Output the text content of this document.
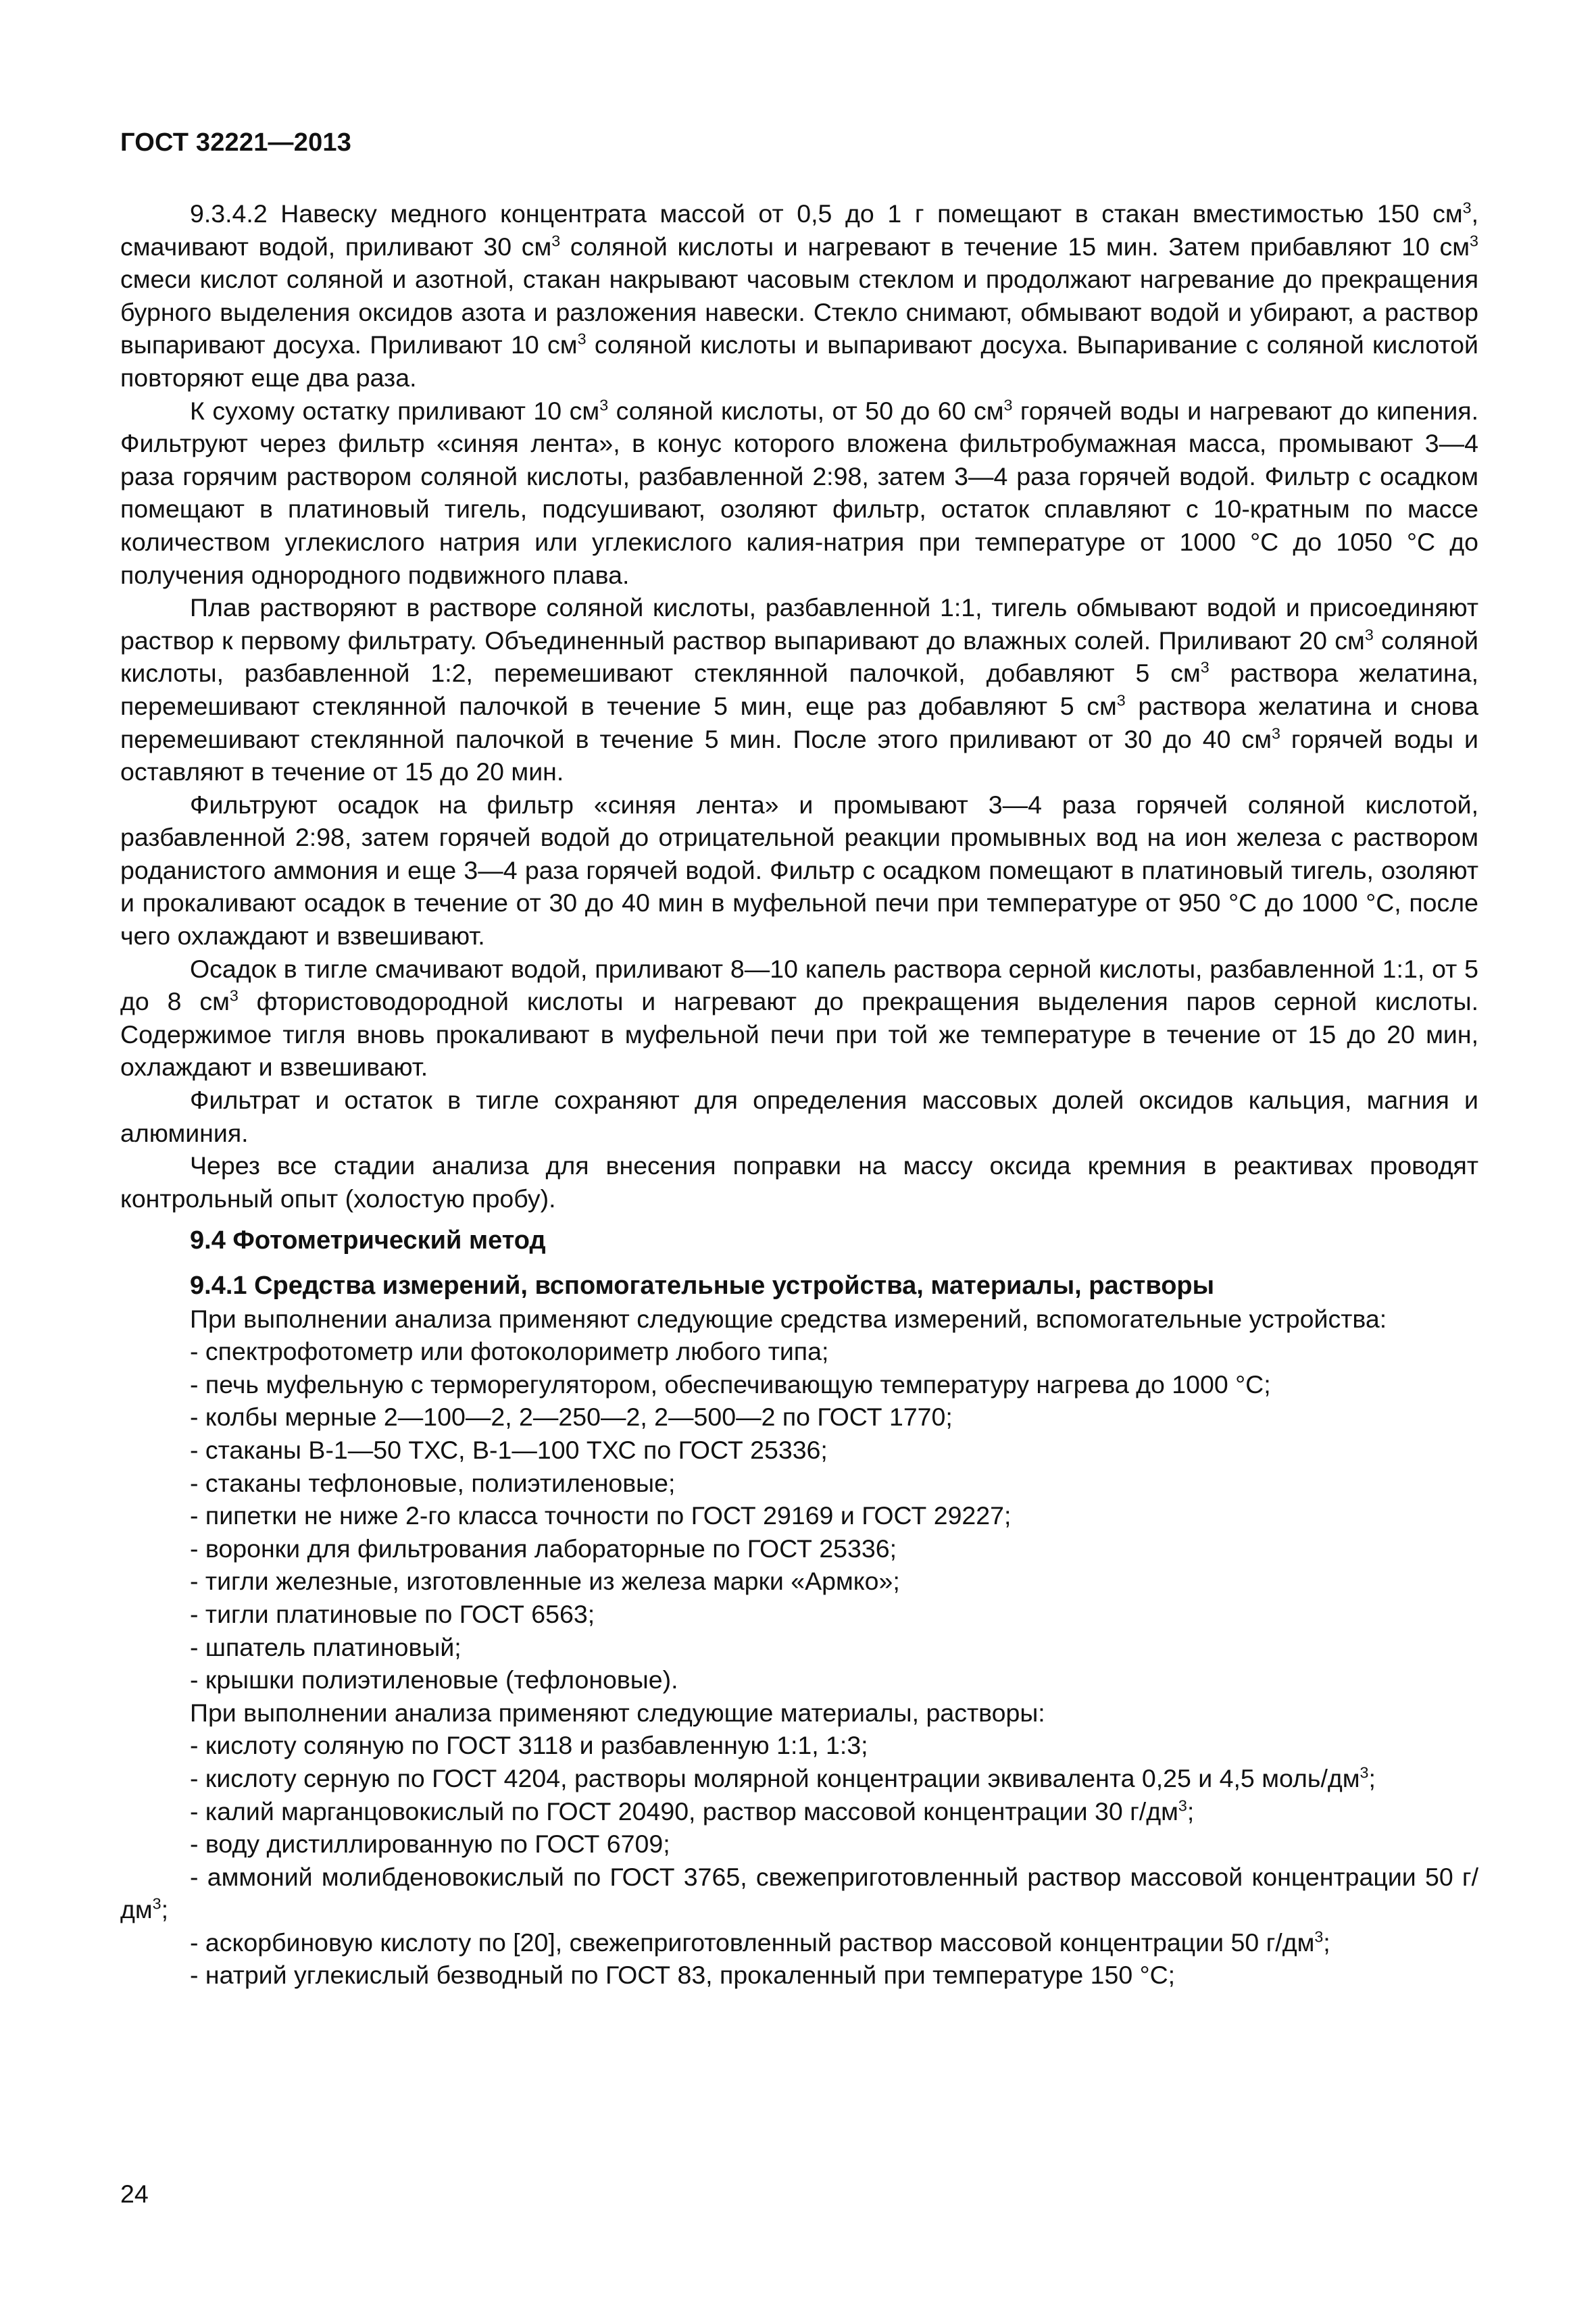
ГОСТ 32221—2013

9.3.4.2 Навеску медного концентрата массой от 0,5 до 1 г помещают в стакан вместимостью 150 $см^3$, смачивают водой, приливают 30 $см^3$ соляной кислоты и нагревают в течение 15 мин. Затем прибавляют 10 $см^3$ смеси кислот соляной и азотной, стакан накрывают часовым стеклом и продолжают нагревание до прекращения бурного выделения оксидов азота и разложения навески. Стекло снимают, обмывают водой и убирают, а раствор выпаривают досуха. Приливают 10 $см^3$ соляной кислоты и выпаривают досуха. Выпаривание с соляной кислотой повторяют еще два раза.

К сухому остатку приливают 10 $см^3$ соляной кислоты, от 50 до 60 $см^3$ горячей воды и нагревают до кипения. Фильтруют через фильтр «синяя лента», в конус которого вложена фильтробумажная масса, промывают 3—4 раза горячим раствором соляной кислоты, разбавленной 2:98, затем 3—4 раза горячей водой. Фильтр с осадком помещают в платиновый тигель, подсушивают, озоляют фильтр, остаток сплавляют с 10-кратным по массе количеством углекислого натрия или углекислого калия-натрия при температуре от 1000 °С до 1050 °С до получения однородного подвижного плава.

Плав растворяют в растворе соляной кислоты, разбавленной 1:1, тигель обмывают водой и присоединяют раствор к первому фильтрату. Объединенный раствор выпаривают до влажных солей. Приливают 20 $см^3$ соляной кислоты, разбавленной 1:2, перемешивают стеклянной палочкой, добавляют 5 $см^3$ раствора желатина, перемешивают стеклянной палочкой в течение 5 мин, еще раз добавляют 5 $см^3$ раствора желатина и снова перемешивают стеклянной палочкой в течение 5 мин. После этого приливают от 30 до 40 $см^3$ горячей воды и оставляют в течение от 15 до 20 мин.

Фильтруют осадок на фильтр «синяя лента» и промывают 3—4 раза горячей соляной кислотой, разбавленной 2:98, затем горячей водой до отрицательной реакции промывных вод на ион железа с раствором роданистого аммония и еще 3—4 раза горячей водой. Фильтр с осадком помещают в платиновый тигель, озоляют и прокаливают осадок в течение от 30 до 40 мин в муфельной печи при температуре от 950 °С до 1000 °С, после чего охлаждают и взвешивают.

Осадок в тигле смачивают водой, приливают 8—10 капель раствора серной кислоты, разбавленной 1:1, от 5 до 8 $см^3$ фтористоводородной кислоты и нагревают до прекращения выделения паров серной кислоты. Содержимое тигля вновь прокаливают в муфельной печи при той же температуре в течение от 15 до 20 мин, охлаждают и взвешивают.

Фильтрат и остаток в тигле сохраняют для определения массовых долей оксидов кальция, магния и алюминия.

Через все стадии анализа для внесения поправки на массу оксида кремния в реактивах проводят контрольный опыт (холостую пробу).

9.4 Фотометрический метод

9.4.1 Средства измерений, вспомогательные устройства, материалы, растворы

При выполнении анализа применяют следующие средства измерений, вспомогательные устройства:

- спектрофотометр или фотоколориметр любого типа;

- печь муфельную с терморегулятором, обеспечивающую температуру нагрева до 1000 °С;

- колбы мерные 2—100—2, 2—250—2, 2—500—2 по ГОСТ 1770;

- стаканы В-1—50 ТХС, В-1—100 ТХС по ГОСТ 25336;

- стаканы тефлоновые, полиэтиленовые;

- пипетки не ниже 2-го класса точности по ГОСТ 29169 и ГОСТ 29227;

- воронки для фильтрования лабораторные по ГОСТ 25336;

- тигли железные, изготовленные из железа марки «Армко»;

- тигли платиновые по ГОСТ 6563;

- шпатель платиновый;

- крышки полиэтиленовые (тефлоновые).

При выполнении анализа применяют следующие материалы, растворы:

- кислоту соляную по ГОСТ 3118 и разбавленную 1:1, 1:3;

- кислоту серную по ГОСТ 4204, растворы молярной концентрации эквивалента 0,25 и 4,5 моль/$дм^3$;

- калий марганцовокислый по ГОСТ 20490, раствор массовой концентрации 30 $г/дм^3$;

- воду дистиллированную по ГОСТ 6709;

- аммоний молибденовокислый по ГОСТ 3765, свежеприготовленный раствор массовой концентрации 50 $г/дм^3$;

- аскорбиновую кислоту по [20], свежеприготовленный раствор массовой концентрации 50 $г/дм^3$;

- натрий углекислый безводный по ГОСТ 83, прокаленный при температуре 150 °С;

24
